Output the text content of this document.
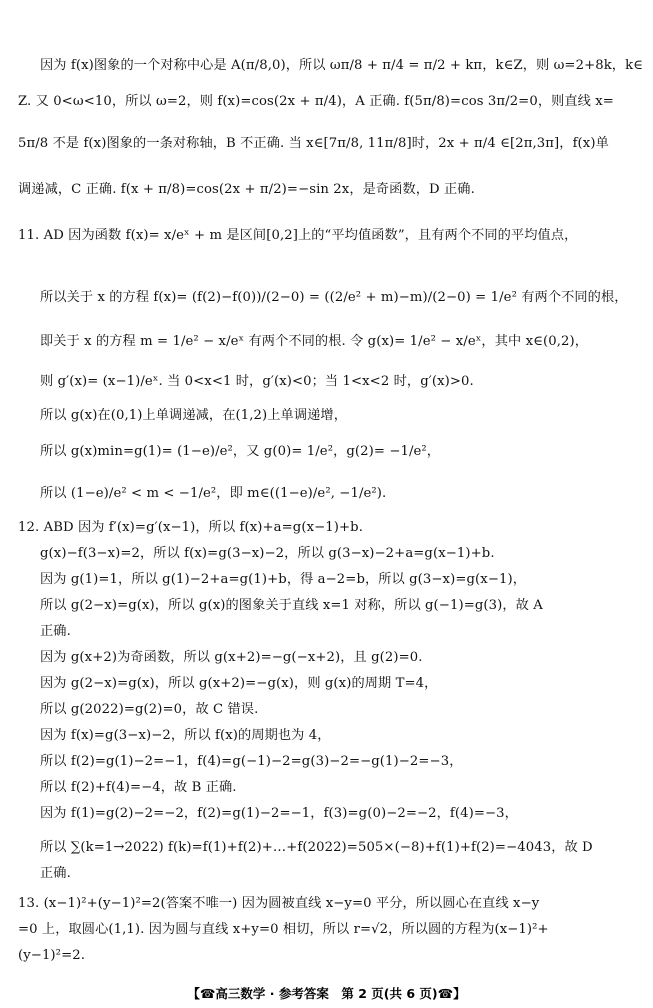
因为 f(x)图象的一个对称中心是 A(π/8,0)，所以 ωπ/8 + π/4 = π/2 + kπ，k∈Z，则 ω=2+8k，k∈
Z. 又 0<ω<10，所以 ω=2，则 f(x)=cos(2x + π/4)，A 正确. f(5π/8)=cos 3π/2=0，则直线 x=
5π/8 不是 f(x)图象的一条对称轴，B 不正确. 当 x∈[7π/8, 11π/8]时，2x + π/4 ∈[2π,3π]，f(x)单
调递减，C 正确. f(x + π/8)=cos(2x + π/2)=−sin 2x，是奇函数，D 正确.
11. AD 因为函数 f(x)= x/eˣ + m 是区间[0,2]上的“平均值函数”，且有两个不同的平均值点，
所以关于 x 的方程 f(x)= (f(2)−f(0))/(2−0) = ((2/e² + m)−m)/(2−0) = 1/e² 有两个不同的根，
即关于 x 的方程 m = 1/e² − x/eˣ 有两个不同的根. 令 g(x)= 1/e² − x/eˣ，其中 x∈(0,2)，
则 g′(x)= (x−1)/eˣ. 当 0<x<1 时，g′(x)<0；当 1<x<2 时，g′(x)>0.
所以 g(x)在(0,1)上单调递减，在(1,2)上单调递增，
所以 g(x)min=g(1)= (1−e)/e²，又 g(0)= 1/e²，g(2)= −1/e²，
所以 (1−e)/e² < m < −1/e²，即 m∈((1−e)/e², −1/e²).
12. ABD 因为 f′(x)=g′(x−1)，所以 f(x)+a=g(x−1)+b.
g(x)−f(3−x)=2，所以 f(x)=g(3−x)−2，所以 g(3−x)−2+a=g(x−1)+b.
因为 g(1)=1，所以 g(1)−2+a=g(1)+b，得 a−2=b，所以 g(3−x)=g(x−1)，
所以 g(2−x)=g(x)，所以 g(x)的图象关于直线 x=1 对称，所以 g(−1)=g(3)，故 A
正确.
因为 g(x+2)为奇函数，所以 g(x+2)=−g(−x+2)，且 g(2)=0.
因为 g(2−x)=g(x)，所以 g(x+2)=−g(x)，则 g(x)的周期 T=4，
所以 g(2022)=g(2)=0，故 C 错误.
因为 f(x)=g(3−x)−2，所以 f(x)的周期也为 4，
所以 f(2)=g(1)−2=−1，f(4)=g(−1)−2=g(3)−2=−g(1)−2=−3，
所以 f(2)+f(4)=−4，故 B 正确.
因为 f(1)=g(2)−2=−2，f(2)=g(1)−2=−1，f(3)=g(0)−2=−2，f(4)=−3，
所以 ∑(k=1→2022) f(k)=f(1)+f(2)+…+f(2022)=505×(−8)+f(1)+f(2)=−4043，故 D
正确.
13. (x−1)²+(y−1)²=2(答案不唯一) 因为圆被直线 x−y=0 平分，所以圆心在直线 x−y
=0 上，取圆心(1,1). 因为圆与直线 x+y=0 相切，所以 r=√2，所以圆的方程为(x−1)²+
(y−1)²=2.
【☎高三数学 · 参考答案　第 2 页(共 6 页)☎】
